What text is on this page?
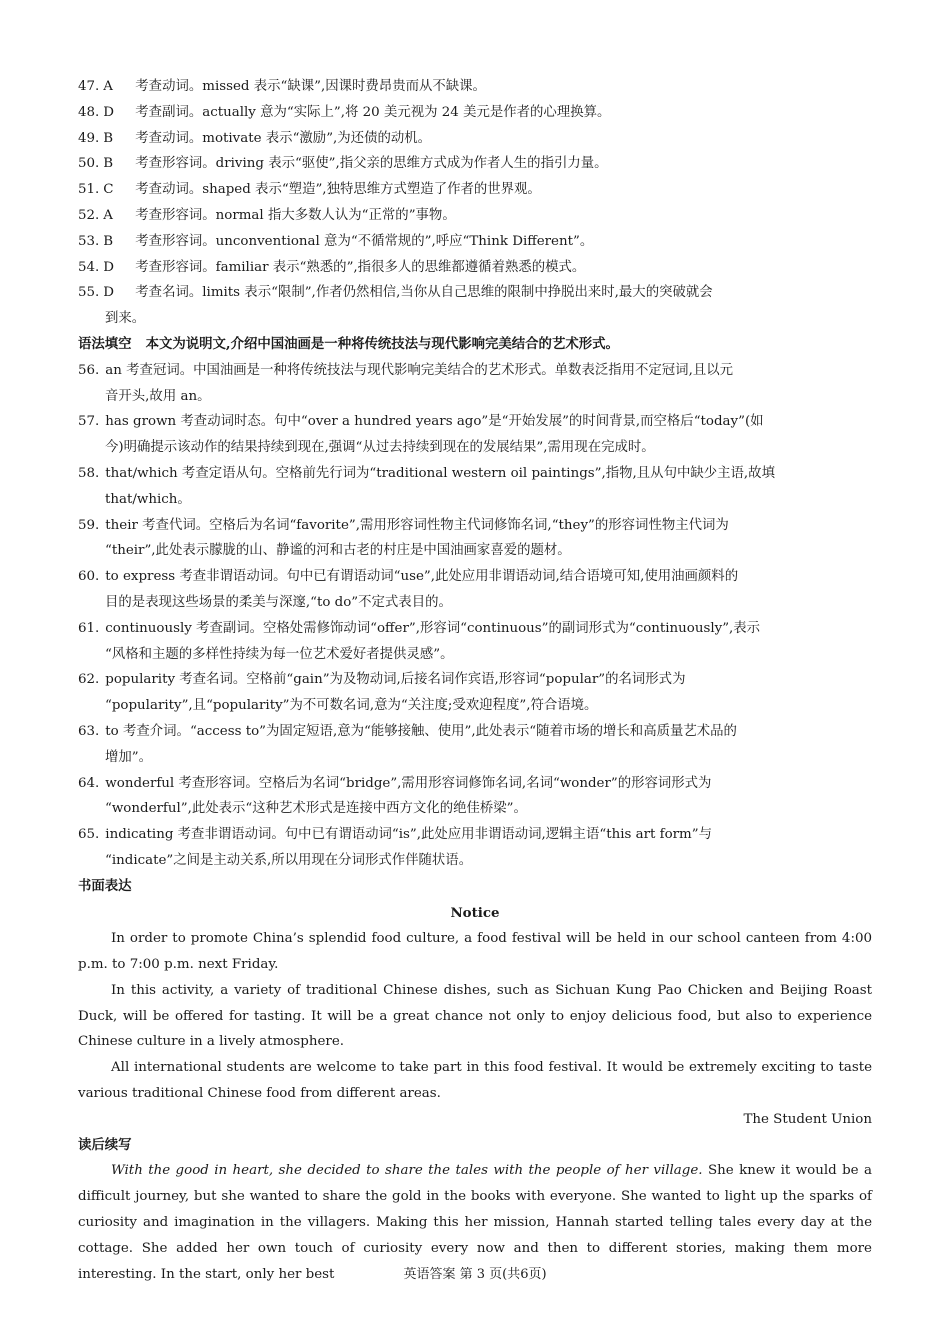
47. A	考查动词。missed 表示“缺课”,因课时费昂贵而从不缺课。
48. D	考查副词。actually 意为“实际上”,将 20 美元视为 24 美元是作者的心理换算。
49. B	考查动词。motivate 表示“激励”,为还债的动机。
50. B	考查形容词。driving 表示“驱使”,指父亲的思维方式成为作者人生的指引力量。
51. C	考查动词。shaped 表示“塑造”,独特思维方式塑造了作者的世界观。
52. A	考查形容词。normal 指大多数人认为“正常的”事物。
53. B	考查形容词。unconventional 意为“不循常规的”,呼应“Think Different”。
54. D	考查形容词。familiar 表示“熟悉的”,指很多人的思维都遵循着熟悉的模式。
55. D	考查名词。limits 表示“限制”,作者仍然相信,当你从自己思维的限制中挣脱出来时,最大的突破就会
到来。
语法填空 本文为说明文,介绍中国油画是一种将传统技法与现代影响完美结合的艺术形式。
56. an 考查冠词。中国油画是一种将传统技法与现代影响完美结合的艺术形式。单数表泛指用不定冠词,且以元
音开头,故用 an。
57. has grown 考查动词时态。句中“over a hundred years ago”是“开始发展”的时间背景,而空格后“today”(如
今)明确提示该动作的结果持续到现在,强调“从过去持续到现在的发展结果”,需用现在完成时。
58. that/which 考查定语从句。空格前先行词为“traditional western oil paintings”,指物,且从句中缺少主语,故填
that/which。
59. their 考查代词。空格后为名词“favorite”,需用形容词性物主代词修饰名词,“they”的形容词性物主代词为
“their”,此处表示朦胧的山、静谧的河和古老的村庄是中国油画家喜爱的题材。
60. to express 考查非谓语动词。句中已有谓语动词“use”,此处应用非谓语动词,结合语境可知,使用油画颜料的
目的是表现这些场景的柔美与深邃,“to do”不定式表目的。
61. continuously 考查副词。空格处需修饰动词“offer”,形容词“continuous”的副词形式为“continuously”,表示
“风格和主题的多样性持续为每一位艺术爱好者提供灵感”。
62. popularity 考查名词。空格前“gain”为及物动词,后接名词作宾语,形容词“popular”的名词形式为
“popularity”,且“popularity”为不可数名词,意为“关注度;受欢迎程度”,符合语境。
63. to 考查介词。“access to”为固定短语,意为“能够接触、使用”,此处表示“随着市场的增长和高质量艺术品的
增加”。
64. wonderful 考查形容词。空格后为名词“bridge”,需用形容词修饰名词,名词“wonder”的形容词形式为
“wonderful”,此处表示“这种艺术形式是连接中西方文化的绝佳桥梁”。
65. indicating 考查非谓语动词。句中已有谓语动词“is”,此处应用非谓语动词,逻辑主语“this art form”与
“indicate”之间是主动关系,所以用现在分词形式作伴随状语。
书面表达
Notice
In order to promote China’s splendid food culture, a food festival will be held in our school canteen from 4:00 p.m. to 7:00 p.m. next Friday.
In this activity, a variety of traditional Chinese dishes, such as Sichuan Kung Pao Chicken and Beijing Roast Duck, will be offered for tasting. It will be a great chance not only to enjoy delicious food, but also to experience Chinese culture in a lively atmosphere.
All international students are welcome to take part in this food festival. It would be extremely exciting to taste various traditional Chinese food from different areas.
The Student Union
读后续写
With the good in heart, she decided to share the tales with the people of her village. She knew it would be a difficult journey, but she wanted to share the gold in the books with everyone. She wanted to light up the sparks of curiosity and imagination in the villagers. Making this her mission, Hannah started telling tales every day at the cottage. She added her own touch of curiosity every now and then to different stories, making them more interesting. In the start, only her best	英语答案 第 3 页(共6页)
